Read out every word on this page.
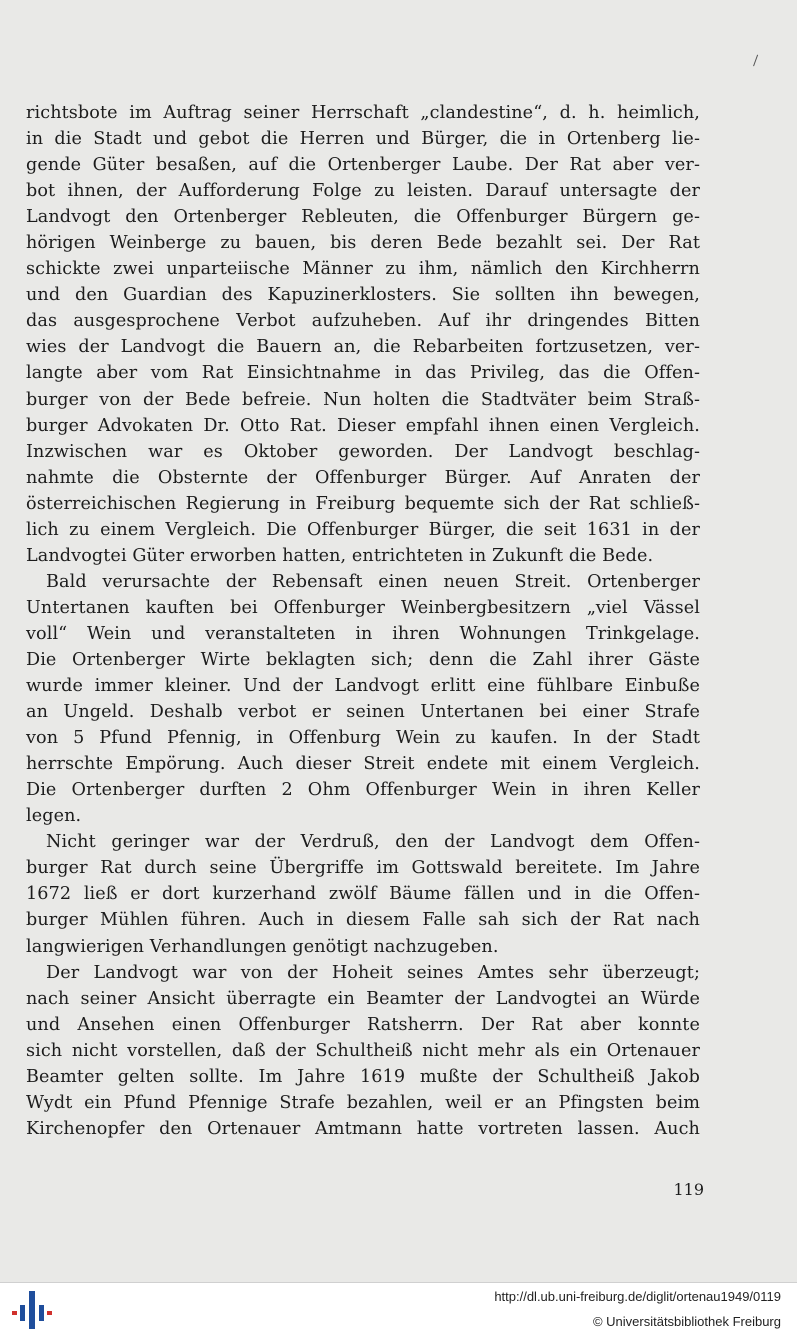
richtsbote im Auftrag seiner Herrschaft „clandestine“, d. h. heimlich,
in die Stadt und gebot die Herren und Bürger, die in Ortenberg lie-
gende Güter besaßen, auf die Ortenberger Laube. Der Rat aber ver-
bot ihnen, der Aufforderung Folge zu leisten. Darauf untersagte der
Landvogt den Ortenberger Rebleuten, die Offenburger Bürgern ge-
hörigen Weinberge zu bauen, bis deren Bede bezahlt sei. Der Rat
schickte zwei unparteiische Männer zu ihm, nämlich den Kirchherrn
und den Guardian des Kapuzinerklosters. Sie sollten ihn bewegen,
das ausgesprochene Verbot aufzuheben. Auf ihr dringendes Bitten
wies der Landvogt die Bauern an, die Rebarbeiten fortzusetzen, ver-
langte aber vom Rat Einsichtnahme in das Privileg, das die Offen-
burger von der Bede befreie. Nun holten die Stadtväter beim Straß-
burger Advokaten Dr. Otto Rat. Dieser empfahl ihnen einen Vergleich.
Inzwischen war es Oktober geworden. Der Landvogt beschlag-
nahmte die Obsternte der Offenburger Bürger. Auf Anraten der
österreichischen Regierung in Freiburg bequemte sich der Rat schließ-
lich zu einem Vergleich. Die Offenburger Bürger, die seit 1631 in der
Landvogtei Güter erworben hatten, entrichteten in Zukunft die Bede.
Bald verursachte der Rebensaft einen neuen Streit. Ortenberger
Untertanen kauften bei Offenburger Weinbergbesitzern „viel Vässel
voll“ Wein und veranstalteten in ihren Wohnungen Trinkgelage.
Die Ortenberger Wirte beklagten sich; denn die Zahl ihrer Gäste
wurde immer kleiner. Und der Landvogt erlitt eine fühlbare Einbuße
an Ungeld. Deshalb verbot er seinen Untertanen bei einer Strafe
von 5 Pfund Pfennig, in Offenburg Wein zu kaufen. In der Stadt
herrschte Empörung. Auch dieser Streit endete mit einem Vergleich.
Die Ortenberger durften 2 Ohm Offenburger Wein in ihren Keller
legen.
Nicht geringer war der Verdruß, den der Landvogt dem Offen-
burger Rat durch seine Übergriffe im Gottswald bereitete. Im Jahre
1672 ließ er dort kurzerhand zwölf Bäume fällen und in die Offen-
burger Mühlen führen. Auch in diesem Falle sah sich der Rat nach
langwierigen Verhandlungen genötigt nachzugeben.
Der Landvogt war von der Hoheit seines Amtes sehr überzeugt;
nach seiner Ansicht überragte ein Beamter der Landvogtei an Würde
und Ansehen einen Offenburger Ratsherrn. Der Rat aber konnte
sich nicht vorstellen, daß der Schultheiß nicht mehr als ein Ortenauer
Beamter gelten sollte. Im Jahre 1619 mußte der Schultheiß Jakob
Wydt ein Pfund Pfennige Strafe bezahlen, weil er an Pfingsten beim
Kirchenopfer den Ortenauer Amtmann hatte vortreten lassen. Auch
119
http://dl.ub.uni-freiburg.de/diglit/ortenau1949/0119
© Universitätsbibliothek Freiburg
